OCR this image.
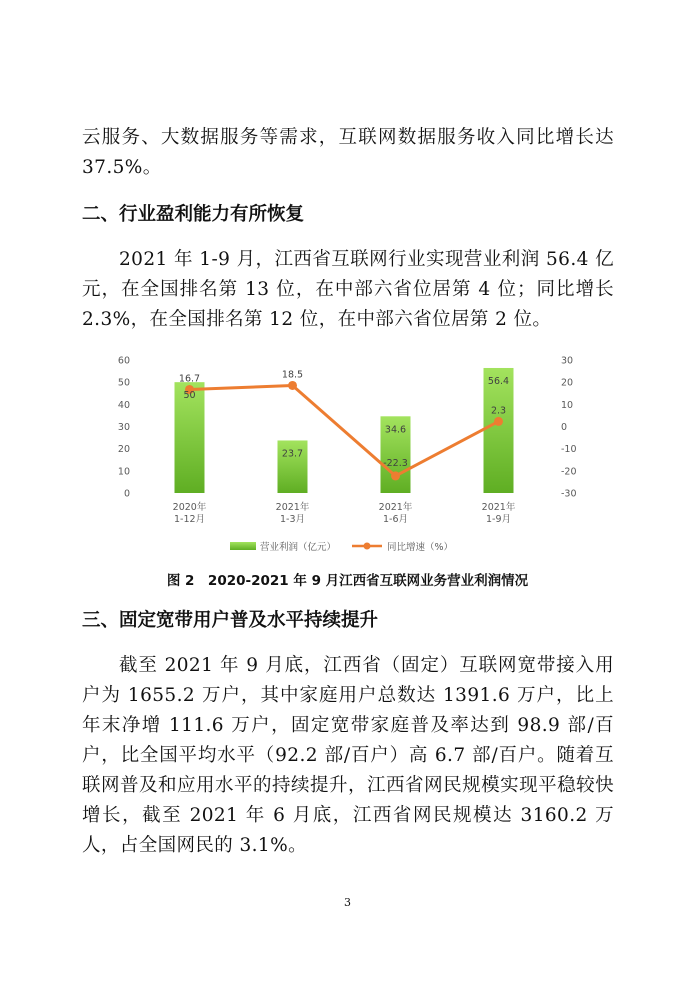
云服务、大数据服务等需求，互联网数据服务收入同比增长达37.5%。

二、行业盈利能力有所恢复

2021 年 1-9 月，江西省互联网行业实现营业利润 56.4 亿元，在全国排名第 13 位，在中部六省位居第 4 位；同比增长 2.3%，在全国排名第 12 位，在中部六省位居第 2 位。

0
10
20
30
40
50
60
-30
-20
-10
0
10
20
30
50
23.7
34.6
56.4
16.7	18.5
-22.3
2.3
2020年
1-12月
2021年
1-3月
2021年
1-6月
2021年
1-9月
营业利润（亿元）	同比增速（%）
图 2　2020-2021 年 9 月江西省互联网业务营业利润情况
三、固定宽带用户普及水平持续提升

截至 2021 年 9 月底，江西省（固定）互联网宽带接入用户为 1655.2 万户，其中家庭用户总数达 1391.6 万户，比上年末净增 111.6 万户，固定宽带家庭普及率达到 98.9 部/百户，比全国平均水平（92.2 部/百户）高 6.7 部/百户。随着互联网普及和应用水平的持续提升，江西省网民规模实现平稳较快增长，截至 2021 年 6 月底，江西省网民规模达 3160.2 万人，占全国网民的 3.1%。

3
